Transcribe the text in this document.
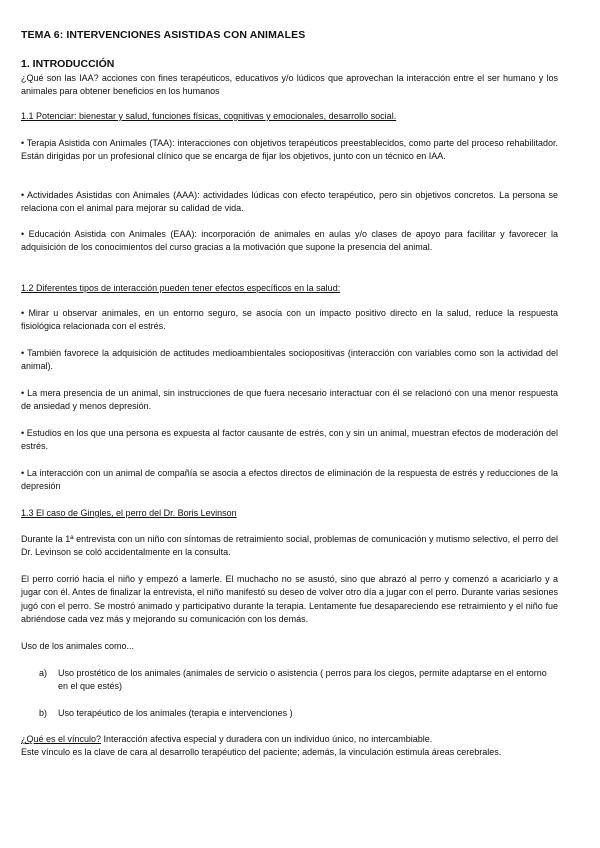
TEMA 6: INTERVENCIONES ASISTIDAS CON ANIMALES
1. INTRODUCCIÓN
¿Qué son las IAA? acciones con fines terapéuticos, educativos y/o lúdicos que aprovechan la interacción entre el ser humano y los animales para obtener beneficios en los humanos
1.1 Potenciar: bienestar y salud, funciones físicas, cognitivas y emocionales, desarrollo social.
• Terapia Asistida con Animales (TAA): interacciones con objetivos terapéuticos preestablecidos, como parte del proceso rehabilitador. Están dirigidas por un profesional clínico que se encarga de fijar los objetivos, junto con un técnico en IAA.
• Actividades Asistidas con Animales (AAA): actividades lúdicas con efecto terapéutico, pero sin objetivos concretos. La persona se relaciona con el animal para mejorar su calidad de vida.
• Educación Asistida con Animales (EAA): incorporación de animales en aulas y/o clases de apoyo para facilitar y favorecer la adquisición de los conocimientos del curso gracias a la motivación que supone la presencia del animal.
1.2 Diferentes tipos de interacción pueden tener efectos específicos en la salud:
• Mirar u observar animales, en un entorno seguro, se asocia con un impacto positivo directo en la salud, reduce la respuesta fisiológica relacionada con el estrés.
• También favorece la adquisición de actitudes medioambientales sociopositivas (interacción con variables como son la actividad del animal).
• La mera presencia de un animal, sin instrucciones de que fuera necesario interactuar con él se relacionó con una menor respuesta de ansiedad y menos depresión.
• Estudios en los que una persona es expuesta al factor causante de estrés, con y sin un animal, muestran efectos de moderación del estrés.
• La interacción con un animal de compañía se asocia a efectos directos de eliminación de la respuesta de estrés y reducciones de la depresión
1.3 El caso de Gingles, el perro del Dr. Boris Levinson
Durante la 1ª entrevista con un niño con síntomas de retraimiento social, problemas de comunicación y mutismo selectivo, el perro del Dr. Levinson se coló accidentalmente en la consulta.
El perro corrió hacia el niño y empezó a lamerle. El muchacho no se asustó, sino que abrazó al perro y comenzó a acariciarlo y a jugar con él. Antes de finalizar la entrevista, el niño manifestó su deseo de volver otro día a jugar con el perro. Durante varias sesiones jugó con el perro. Se mostró animado y participativo durante la terapia. Lentamente fue desapareciendo ese retraimiento y el niño fue abriéndose cada vez más y mejorando su comunicación con los demás.
Uso de los animales como...
a)	Uso prostético de los animales (animales de servicio o asistencia ( perros para los ciegos, permite adaptarse en el entorno en el que estés)
b)	Uso terapéutico de los animales (terapia e intervenciones )
¿Qué es el vínculo? Interacción afectiva especial y duradera con un individuo único, no intercambiable.
Este vínculo es la clave de cara al desarrollo terapéutico del paciente; además, la vinculación estimula áreas cerebrales.
